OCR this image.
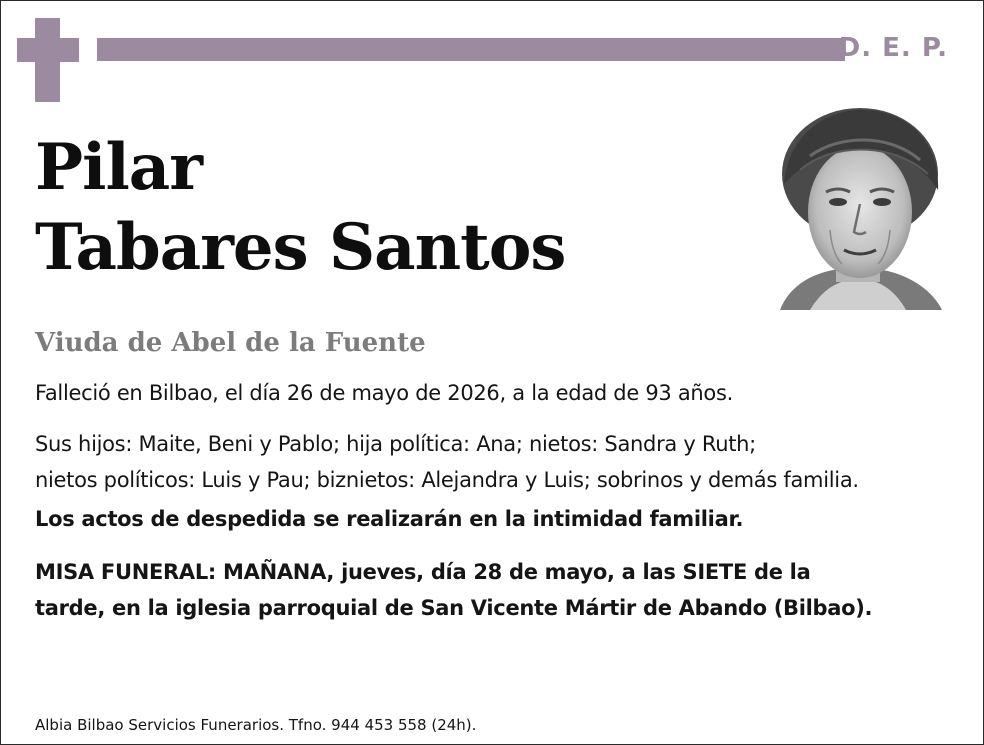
D. E. P.
Pilar
Tabares Santos
Viuda de Abel de la Fuente
Falleció en Bilbao, el día 26 de mayo de 2026, a la edad de 93 años.
Sus hijos: Maite, Beni y Pablo; hija política: Ana; nietos: Sandra y Ruth;
nietos políticos: Luis y Pau; biznietos: Alejandra y Luis; sobrinos y demás familia.
Los actos de despedida se realizarán en la intimidad familiar.
MISA FUNERAL: MAÑANA, jueves, día 28 de mayo, a las SIETE de la
tarde, en la iglesia parroquial de San Vicente Mártir de Abando (Bilbao).
Albia Bilbao Servicios Funerarios. Tfno. 944 453 558 (24h).
